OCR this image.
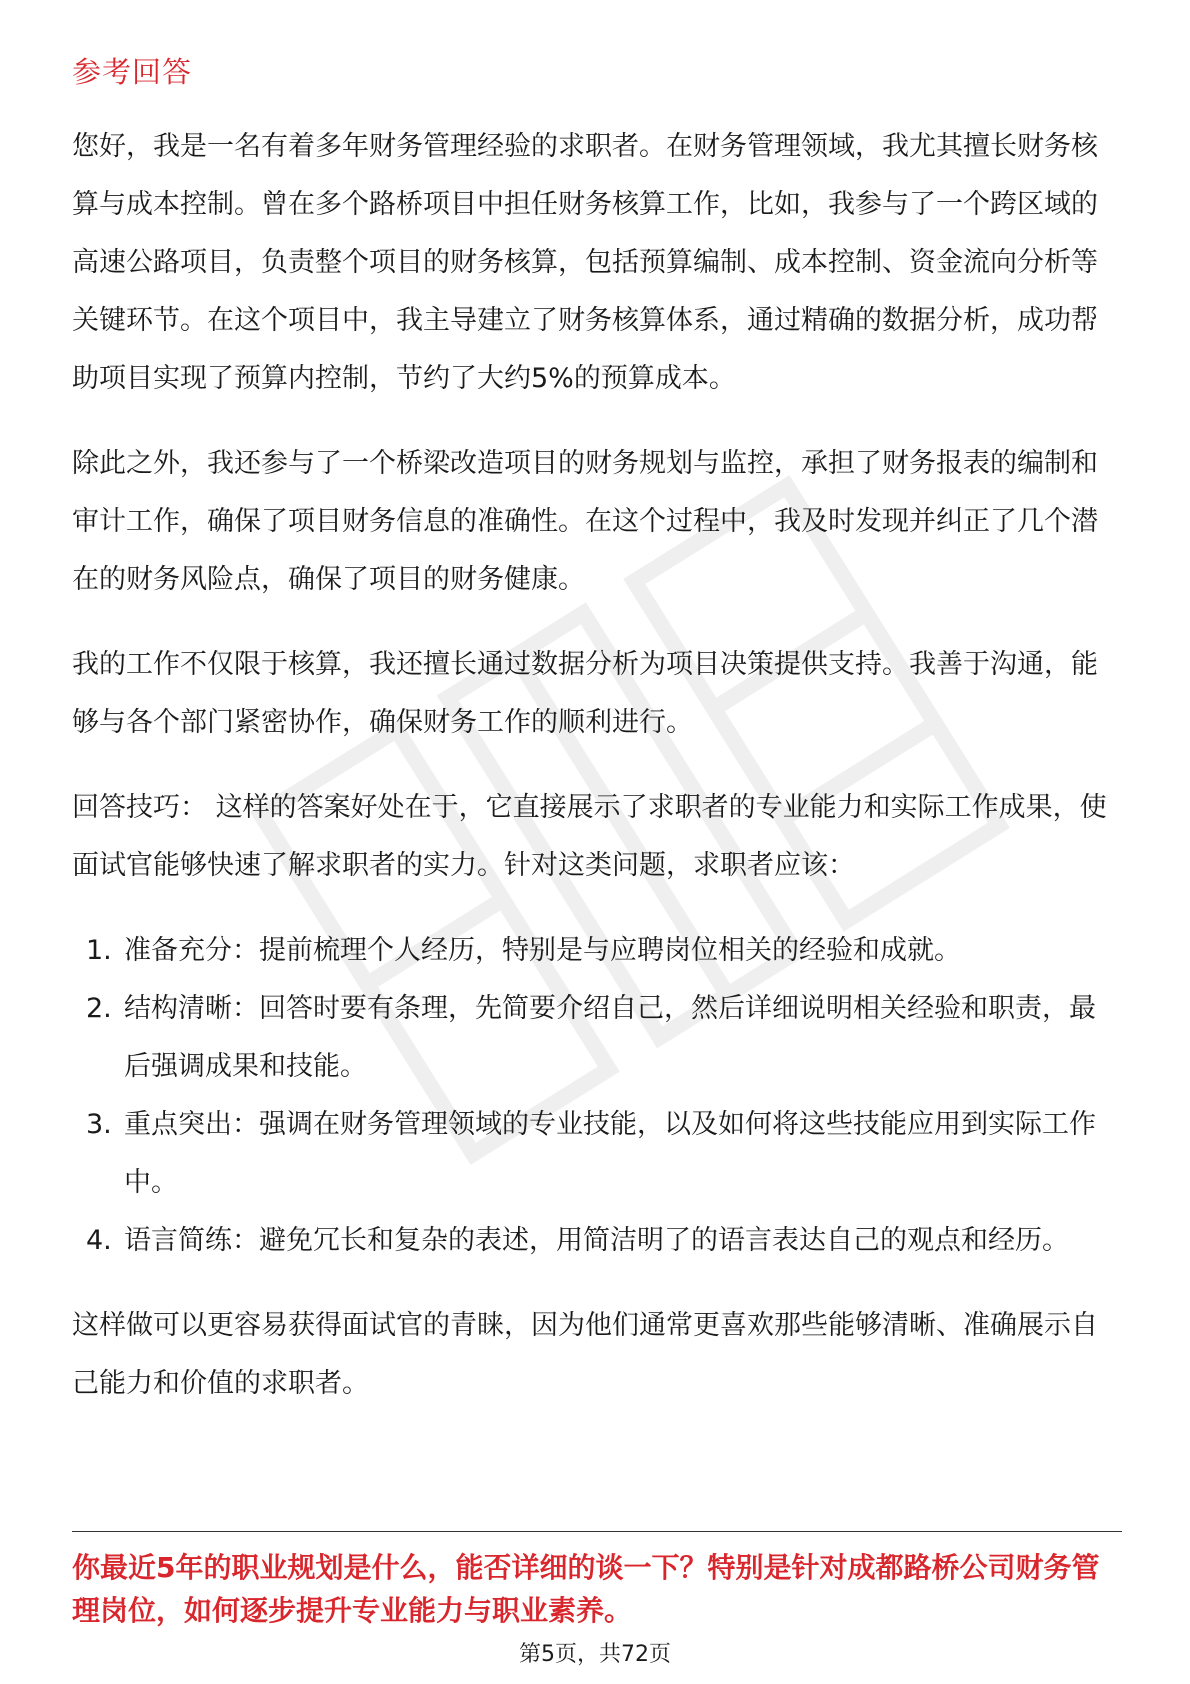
参考回答

您好，我是一名有着多年财务管理经验的求职者。在财务管理领域，我尤其擅长财务核算与成本控制。曾在多个路桥项目中担任财务核算工作，比如，我参与了一个跨区域的高速公路项目，负责整个项目的财务核算，包括预算编制、成本控制、资金流向分析等关键环节。在这个项目中，我主导建立了财务核算体系，通过精确的数据分析，成功帮助项目实现了预算内控制，节约了大约5%的预算成本。

除此之外，我还参与了一个桥梁改造项目的财务规划与监控，承担了财务报表的编制和审计工作，确保了项目财务信息的准确性。在这个过程中，我及时发现并纠正了几个潜在的财务风险点，确保了项目的财务健康。

我的工作不仅限于核算，我还擅长通过数据分析为项目决策提供支持。我善于沟通，能够与各个部门紧密协作，确保财务工作的顺利进行。

回答技巧： 这样的答案好处在于，它直接展示了求职者的专业能力和实际工作成果，使面试官能够快速了解求职者的实力。针对这类问题，求职者应该：

1. 准备充分：提前梳理个人经历，特别是与应聘岗位相关的经验和成就。
2. 结构清晰：回答时要有条理，先简要介绍自己，然后详细说明相关经验和职责，最后强调成果和技能。
3. 重点突出：强调在财务管理领域的专业技能，以及如何将这些技能应用到实际工作中。
4. 语言简练：避免冗长和复杂的表述，用简洁明了的语言表达自己的观点和经历。

这样做可以更容易获得面试官的青睐，因为他们通常更喜欢那些能够清晰、准确展示自己能力和价值的求职者。

你最近5年的职业规划是什么，能否详细的谈一下？特别是针对成都路桥公司财务管理岗位，如何逐步提升专业能力与职业素养。

第5页，共72页
